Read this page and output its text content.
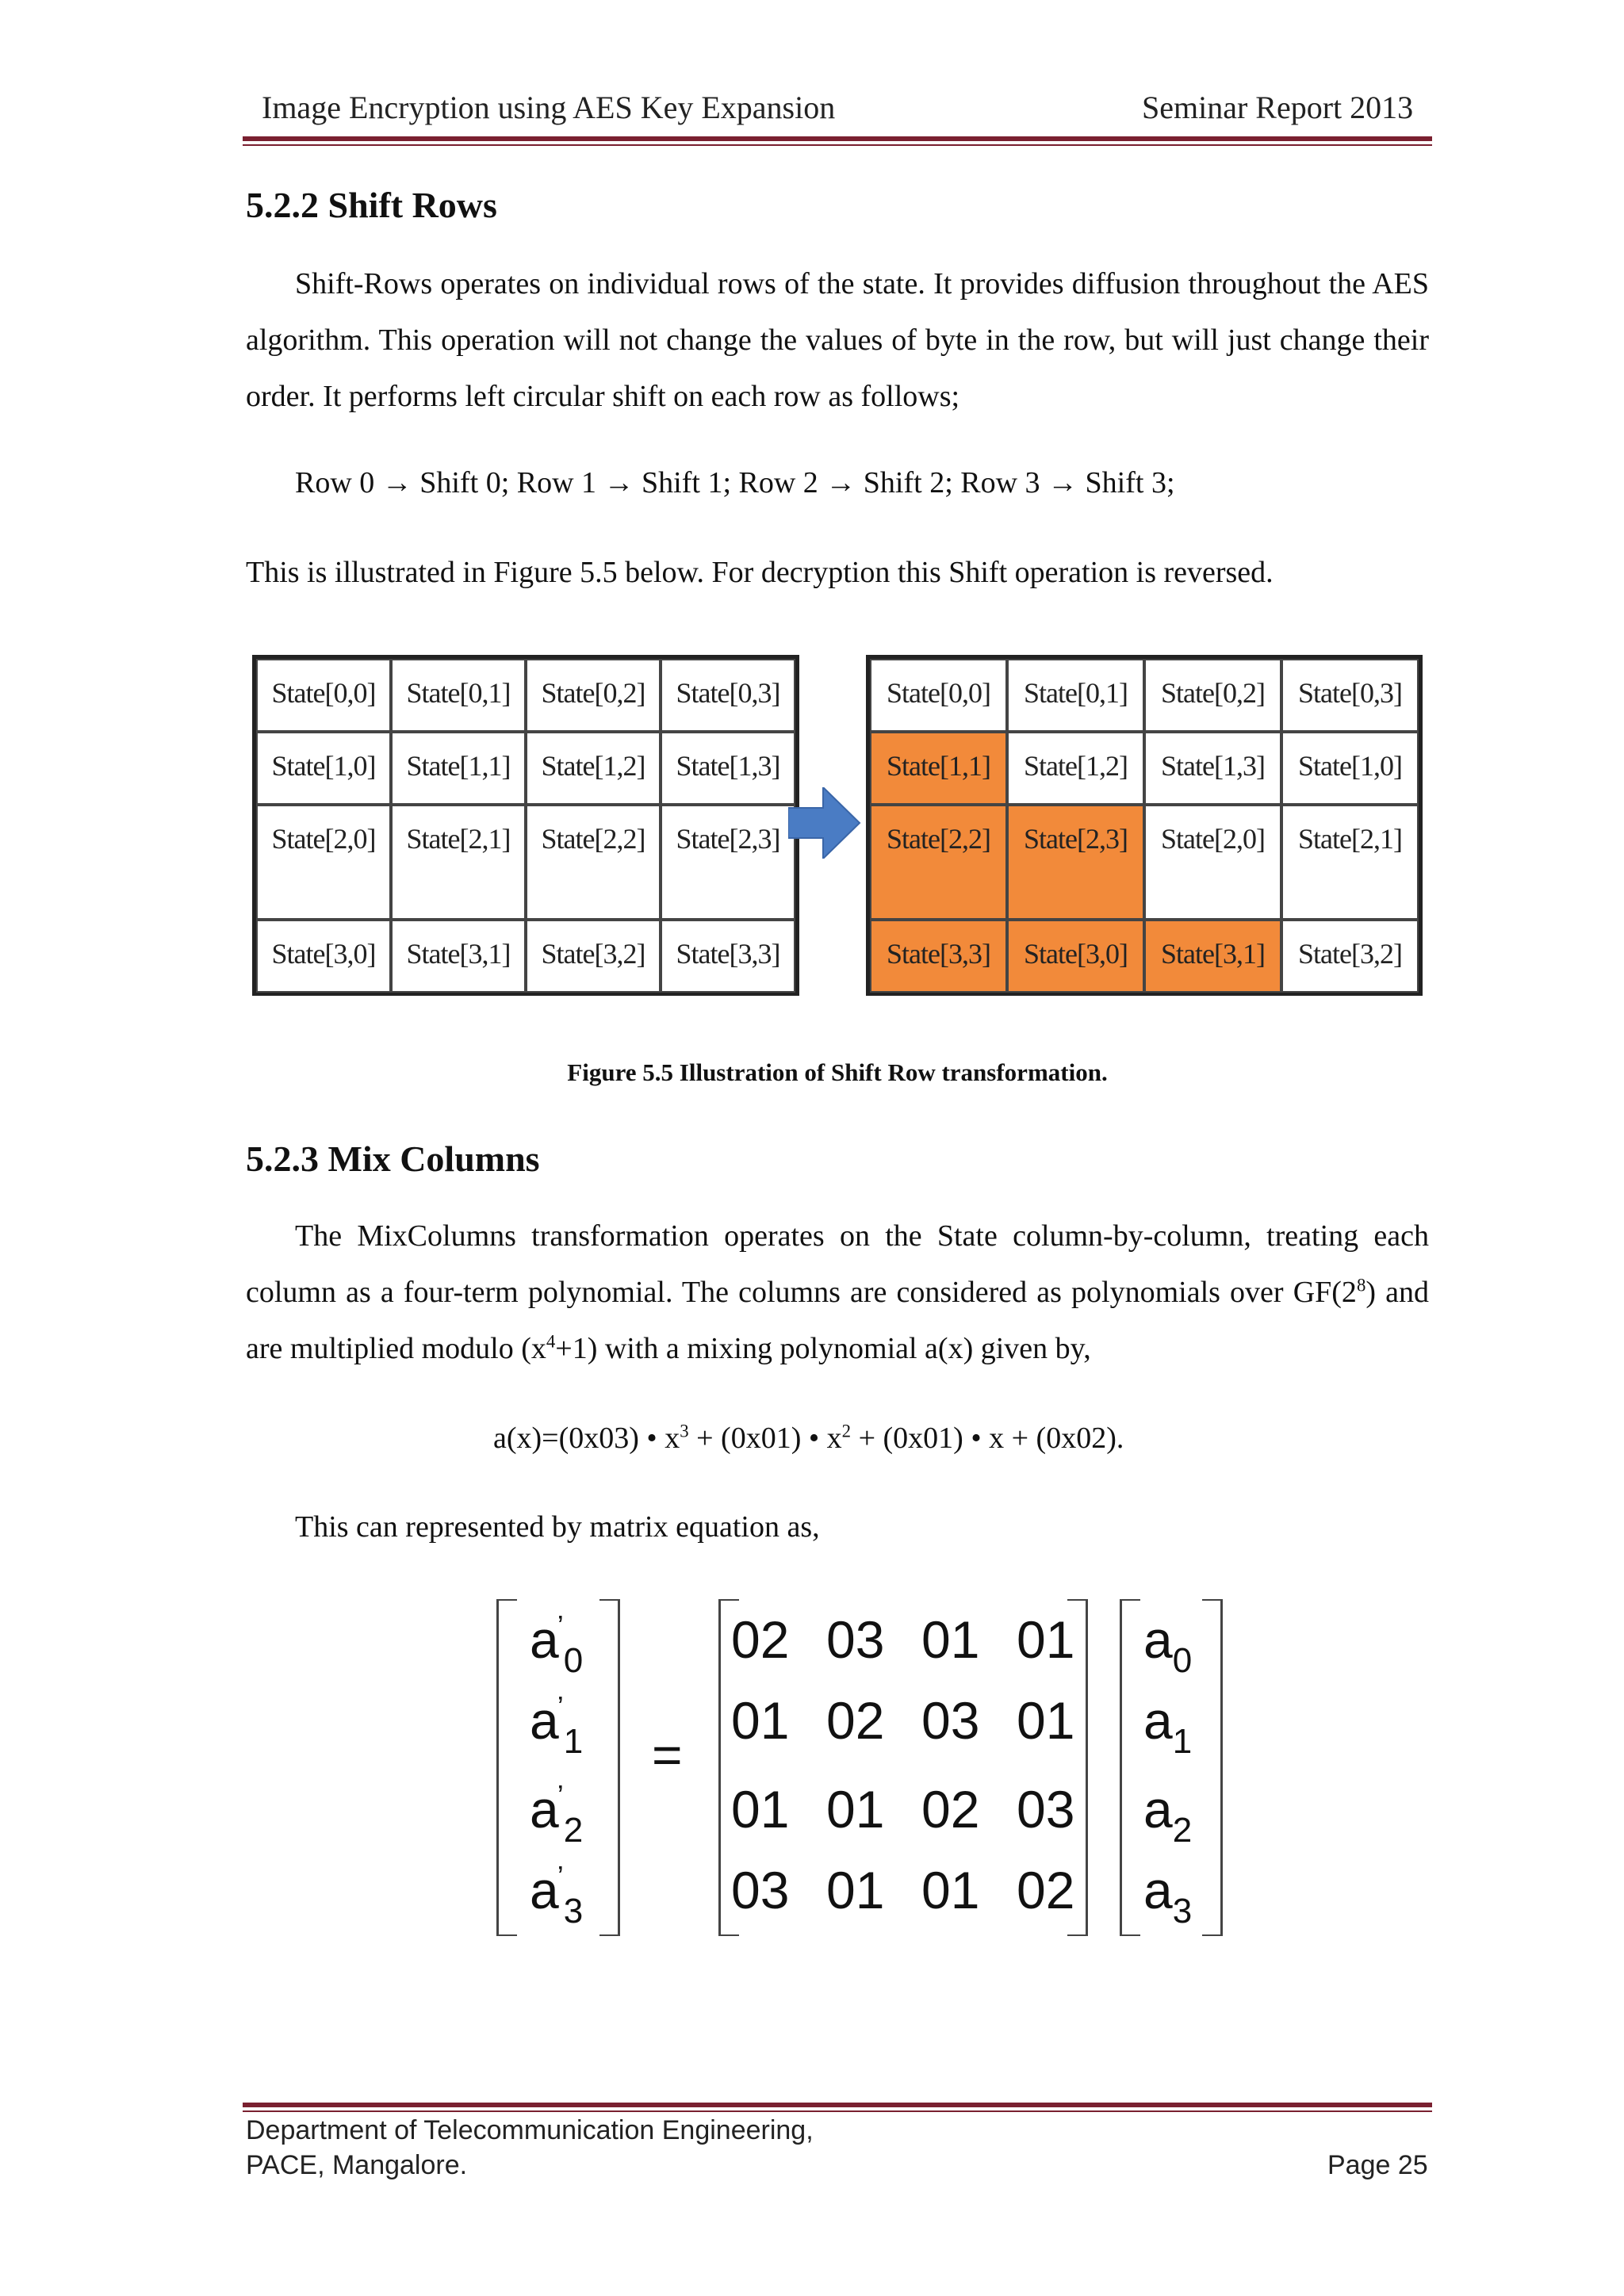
Image Encryption using AES Key Expansion	Seminar Report 2013
5.2.2 Shift Rows

Shift-Rows operates on individual rows of the state. It provides diffusion throughout the AES algorithm. This operation will not change the values of byte in the row, but will just change their order. It performs left circular shift on each row as follows;

Row 0 → Shift 0; Row 1 → Shift 1; Row 2 → Shift 2; Row 3 → Shift 3;
This is illustrated in Figure 5.5 below. For decryption this Shift operation is reversed.
State[0,0]	State[0,1]	State[0,2]	State[0,3]
State[1,0]	State[1,1]	State[1,2]	State[1,3]
State[2,0]	State[2,1]	State[2,2]	State[2,3]
State[3,0]	State[3,1]	State[3,2]	State[3,3]
State[0,0]	State[0,1]	State[0,2]	State[0,3]
State[1,1]	State[1,2]	State[1,3]	State[1,0]
State[2,2]	State[2,3]	State[2,0]	State[2,1]
State[3,3]	State[3,0]	State[3,1]	State[3,2]
Figure 5.5 Illustration of Shift Row transformation.
5.2.3 Mix Columns

The MixColumns transformation operates on the State column-by-column, treating each column as a four-term polynomial. The columns are considered as polynomials over $GF(2^8)$ and are multiplied modulo $(x^4+1)$ with a mixing polynomial a(x) given by,

a(x)=(0x03) • $x^3 + (0x01)$ • $x^2 + (0x01)$ • x + (0x02).
This can represented by matrix equation as,
$a^’_0$
$a^’_1$
$a^’_2$
$a^’_3$
=
02 03 01 01
01 02 03 01
01 01 02 03
03 01 01 02
$a_0$
$a_1$
$a_2$
$a_3$
Department of Telecommunication Engineering,
PACE, Mangalore.	Page 25
